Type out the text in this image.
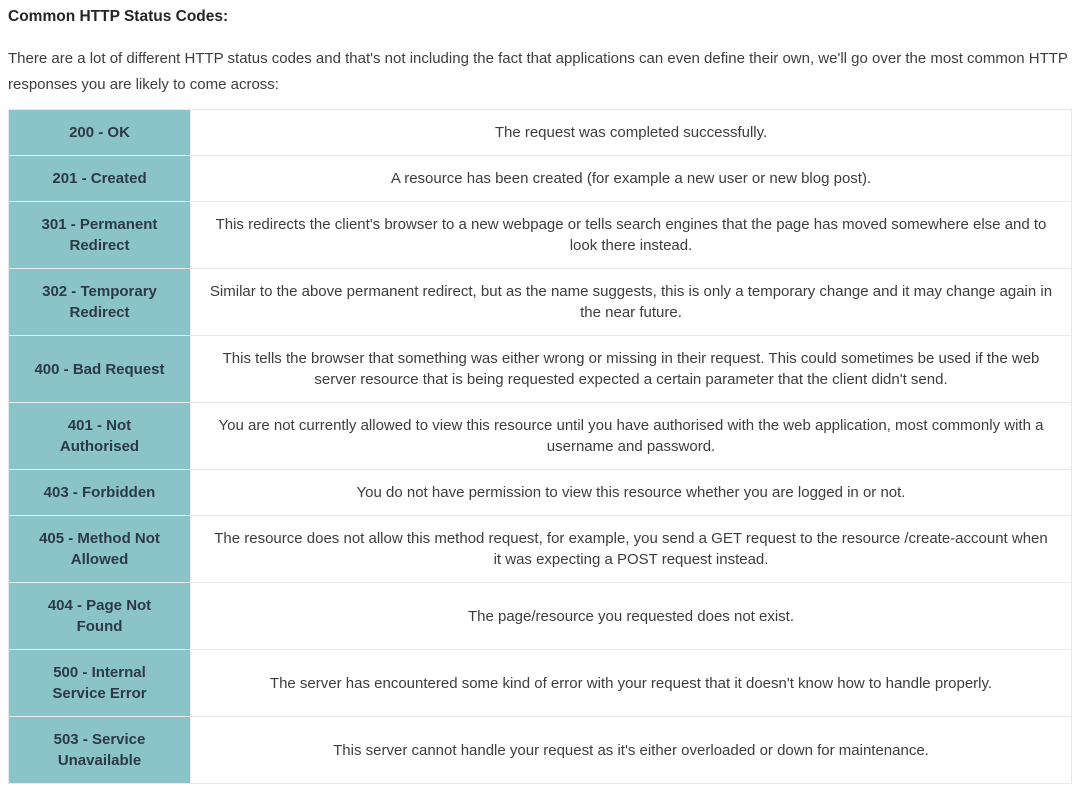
Common HTTP Status Codes:

There are a lot of different HTTP status codes and that's not including the fact that applications can even define their own, we'll go over the most common HTTP responses you are likely to come across:

200 - OK	The request was completed successfully.
201 - Created	A resource has been created (for example a new user or new blog post).
301 - Permanent Redirect	This redirects the client's browser to a new webpage or tells search engines that the page has moved somewhere else and to look there instead.
302 - Temporary Redirect	Similar to the above permanent redirect, but as the name suggests, this is only a temporary change and it may change again in the near future.
400 - Bad Request	This tells the browser that something was either wrong or missing in their request. This could sometimes be used if the web server resource that is being requested expected a certain parameter that the client didn't send.
401 - Not Authorised	You are not currently allowed to view this resource until you have authorised with the web application, most commonly with a username and password.
403 - Forbidden	You do not have permission to view this resource whether you are logged in or not.
405 - Method Not Allowed	The resource does not allow this method request, for example, you send a GET request to the resource /create-account when it was expecting a POST request instead.
404 - Page Not Found	The page/resource you requested does not exist.
500 - Internal Service Error	The server has encountered some kind of error with your request that it doesn't know how to handle properly.
503 - Service Unavailable	This server cannot handle your request as it's either overloaded or down for maintenance.
